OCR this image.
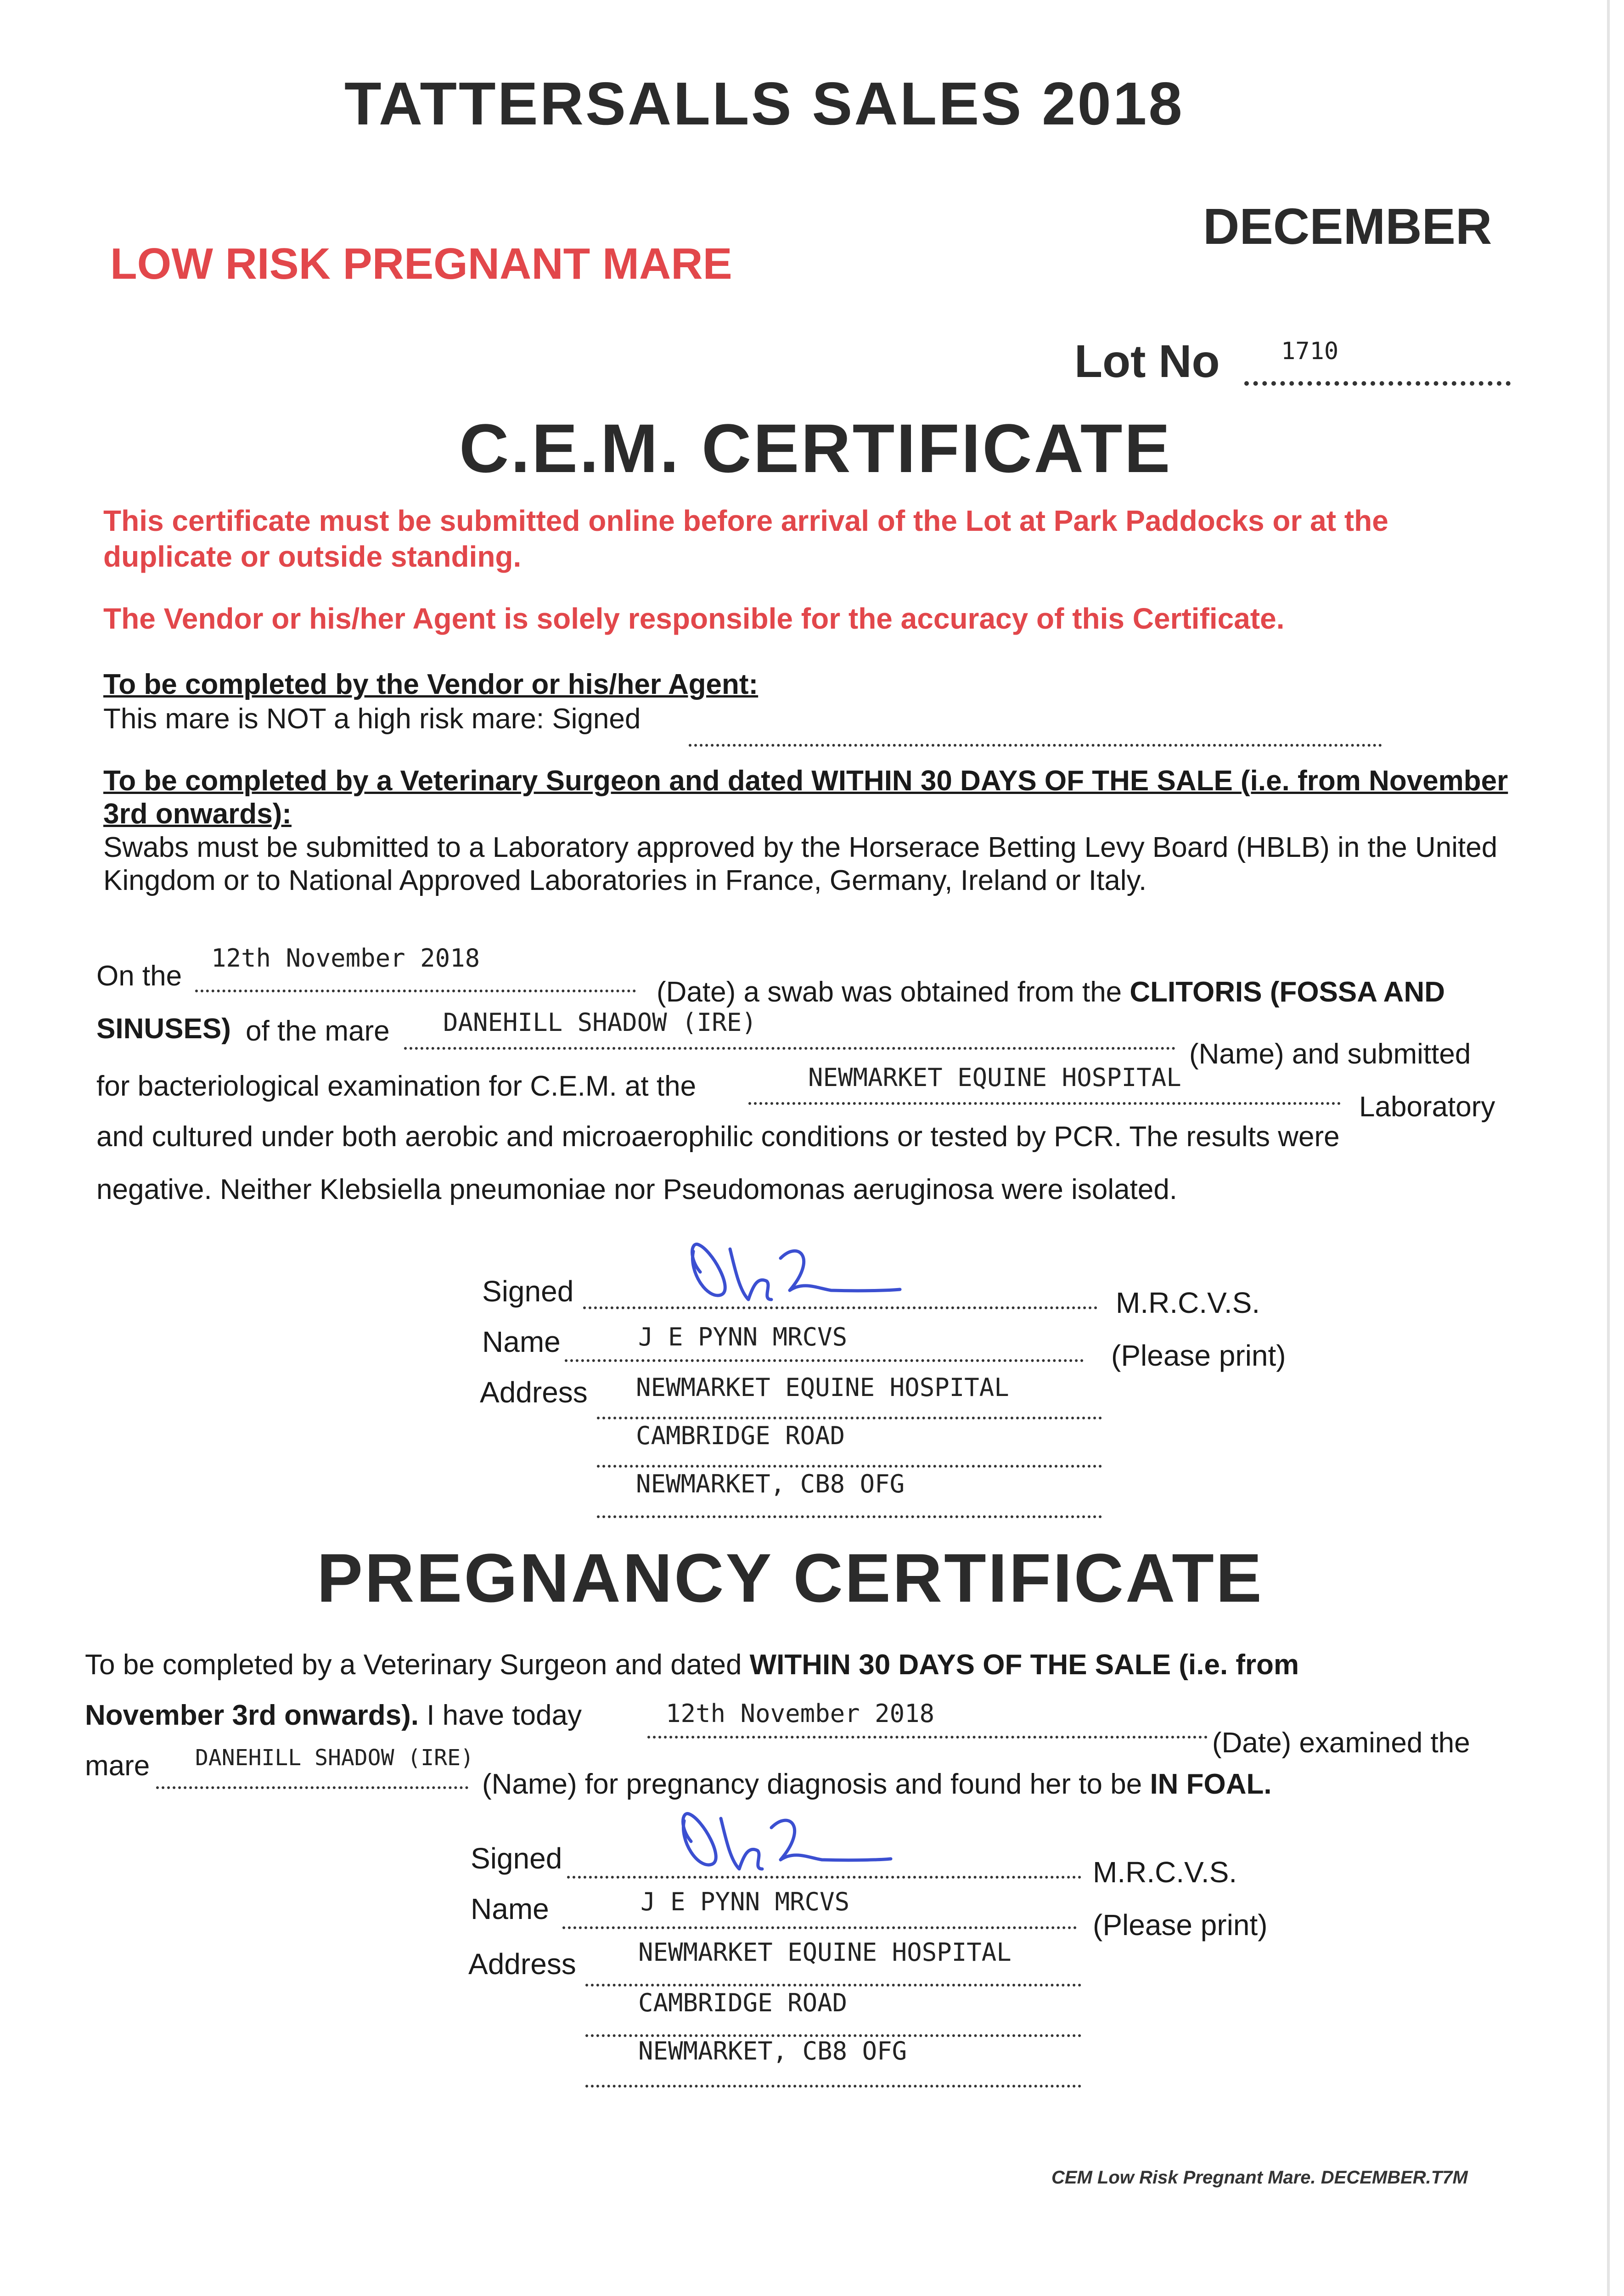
TATTERSALLS SALES 2018
DECEMBER
LOW RISK PREGNANT MARE
Lot No	1710
C.E.M. CERTIFICATE
This certificate must be submitted online before arrival of the Lot at Park Paddocks or at the duplicate or outside standing.
The Vendor or his/her Agent is solely responsible for the accuracy of this Certificate.
To be completed by the Vendor or his/her Agent:
This mare is NOT a high risk mare: Signed
To be completed by a Veterinary Surgeon and dated WITHIN 30 DAYS OF THE SALE (i.e. from November 3rd onwards):
Swabs must be submitted to a Laboratory approved by the Horserace Betting Levy Board (HBLB) in the United Kingdom or to National Approved Laboratories in France, Germany, Ireland or Italy.
On the
12th November 2018
(Date) a swab was obtained from the CLITORIS (FOSSA AND
SINUSES) of the mare DANEHILL SHADOW (IRE)
(Name) and submitted
for bacteriological examination for C.E.M. at the	NEWMARKET EQUINE HOSPITAL
Laboratory
and cultured under both aerobic and microaerophilic conditions or tested by PCR. The results were
negative. Neither Klebsiella pneumoniae nor Pseudomonas aeruginosa were isolated.
Signed	M.R.C.V.S.
Name	J E PYNN MRCVS
(Please print)
Address NEWMARKET EQUINE HOSPITAL
CAMBRIDGE ROAD
NEWMARKET, CB8 OFG
PREGNANCY CERTIFICATE
To be completed by a Veterinary Surgeon and dated WITHIN 30 DAYS OF THE SALE (i.e. from
November 3rd onwards). I have today	12th November 2018
(Date) examined the
mare DANEHILL SHADOW (IRE)
(Name) for pregnancy diagnosis and found her to be IN FOAL.
Signed	M.R.C.V.S.
Name	J E PYNN MRCVS
(Please print)
Address	NEWMARKET EQUINE HOSPITAL
CAMBRIDGE ROAD
NEWMARKET, CB8 OFG
CEM Low Risk Pregnant Mare. DECEMBER.T7M
